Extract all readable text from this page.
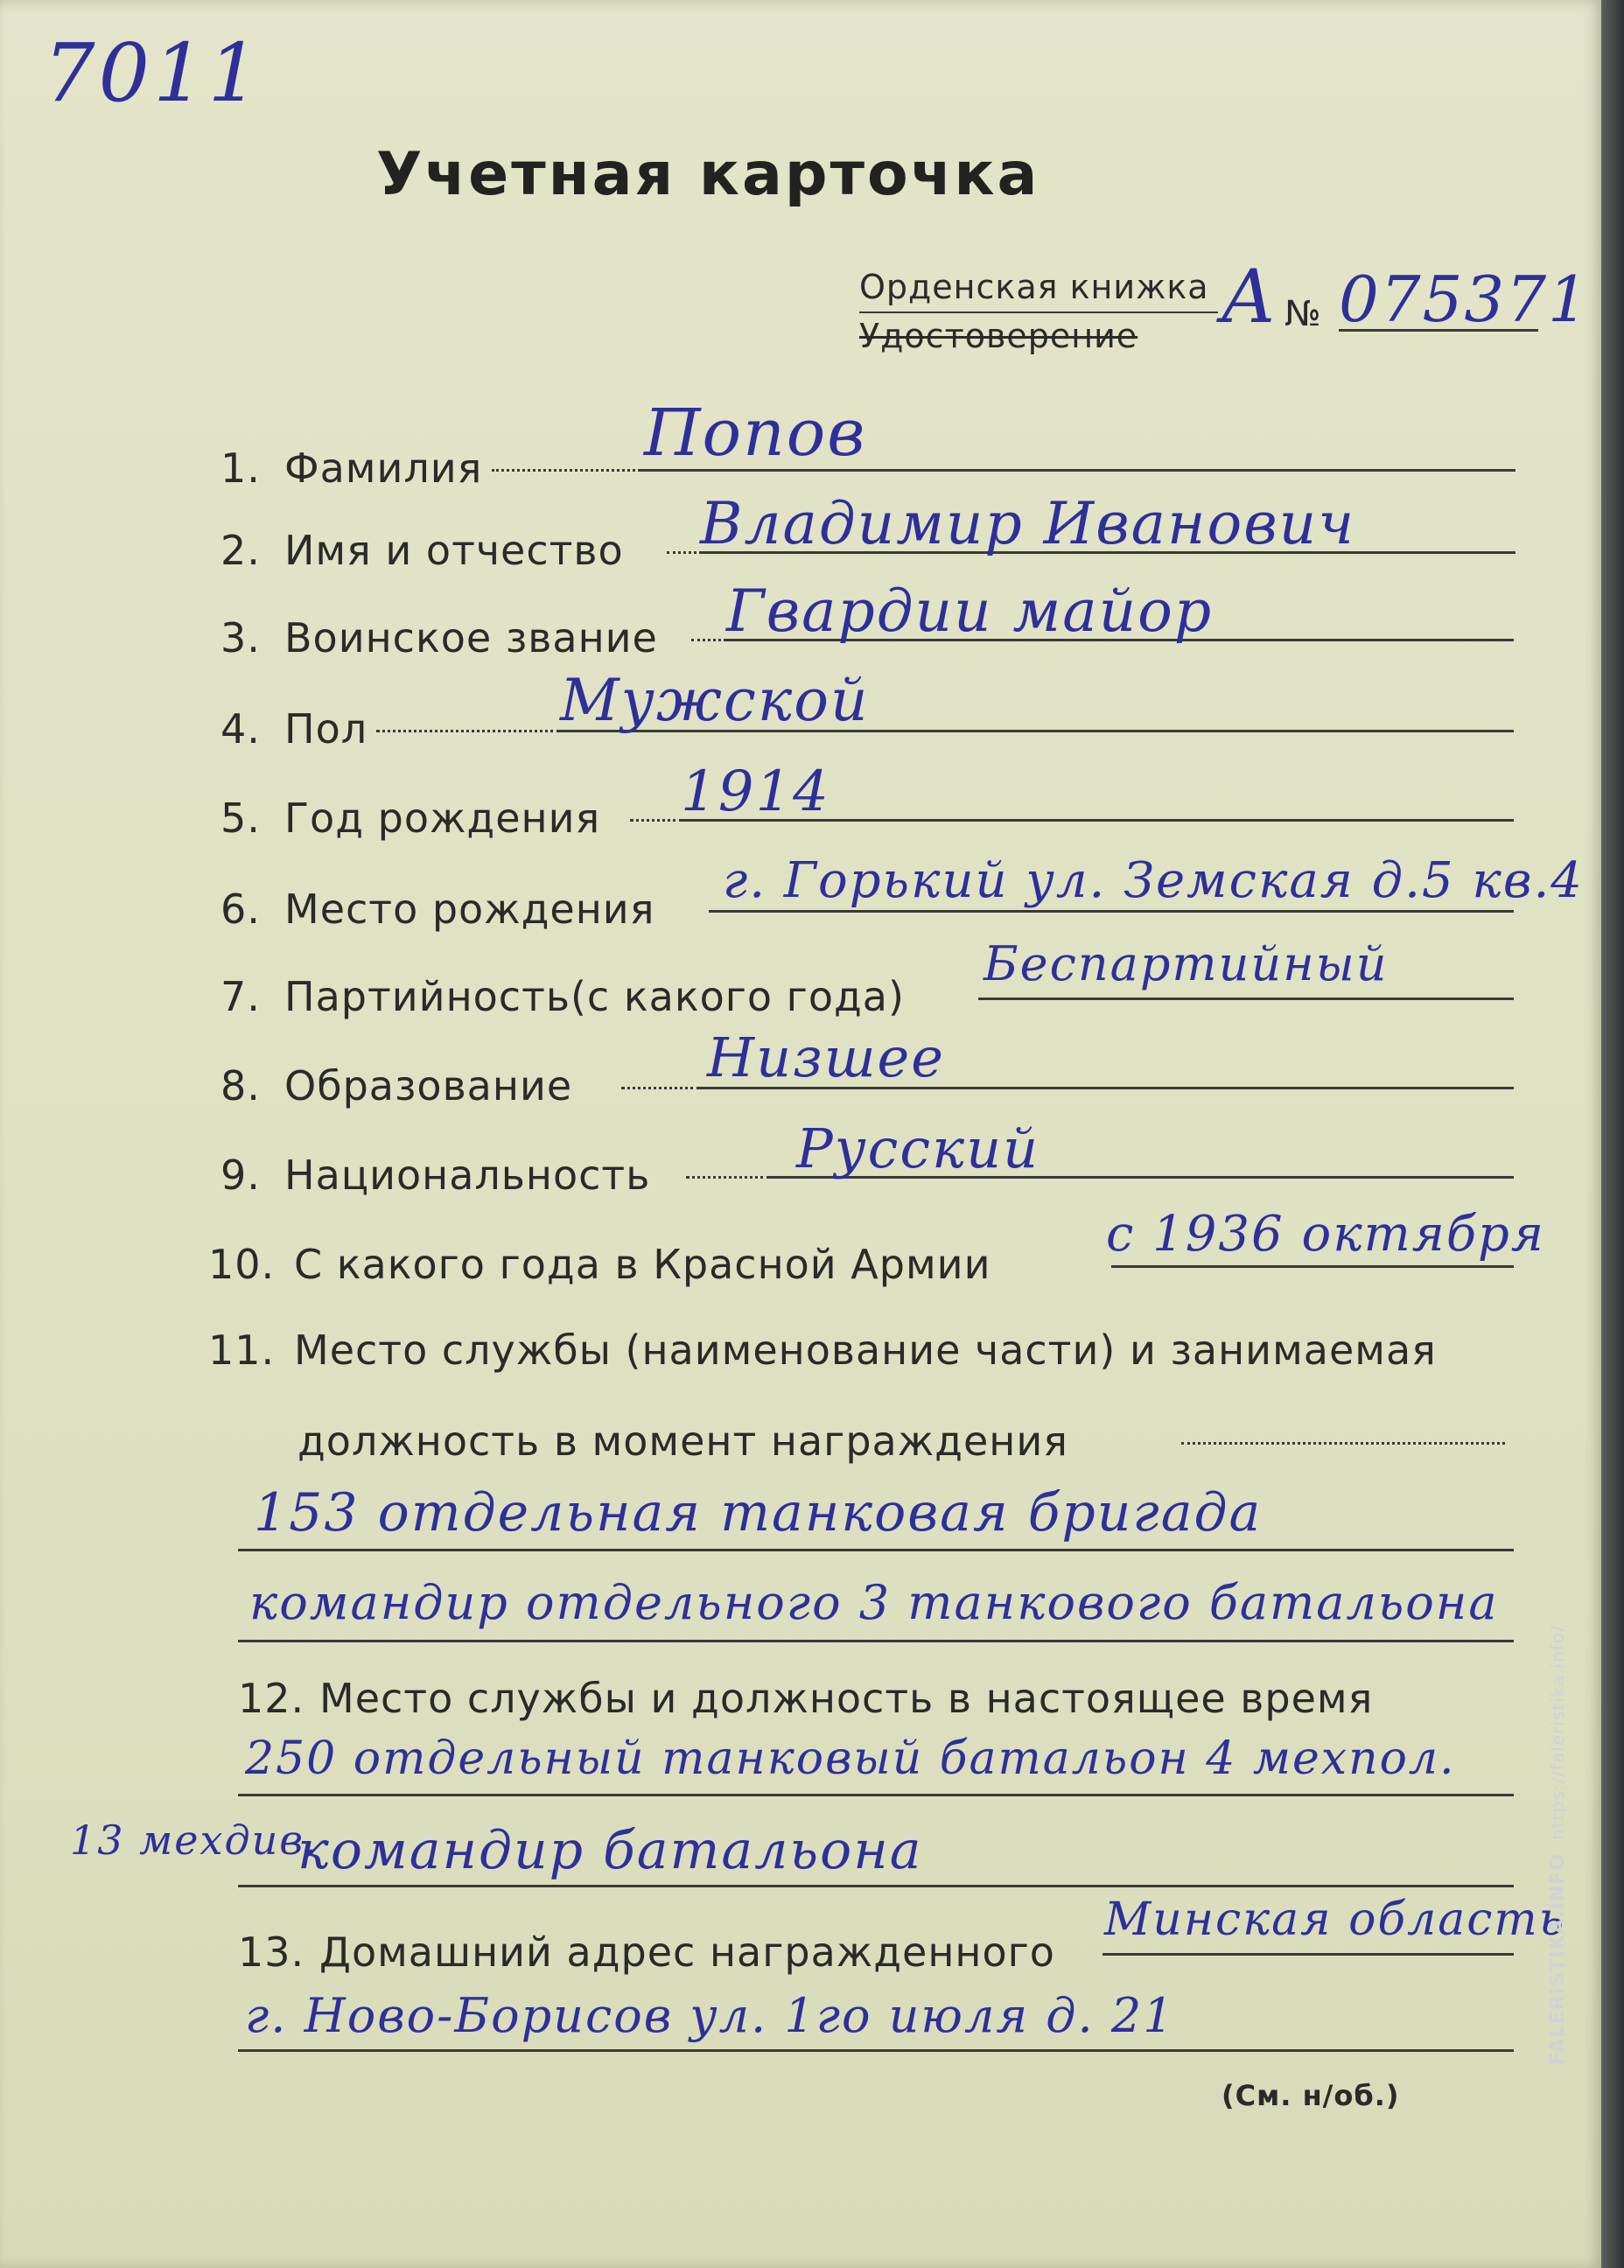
7011
Учетная карточка
Орденская книжка
Удостоверение А № 075371
1. Фамилия Попов
2. Имя и отчество Владимир Иванович
3. Воинское звание Гвардии майор
4. Пол	Мужской
5. Год рождения 1914
6. Место рождения г. Горький ул. Земская д.5 кв.4
7. Партийность(с какого года)
Беспартийный
8. Образование Низшее
9. Национальность	Русский
10. С какого года в Красной Армии
с 1936 октября
11. Место службы (наименование части) и занимаемая
должность в момент награждения
153 отдельная танковая бригада
командир отдельного 3 танкового батальона
12. Место службы и должность в настоящее время
250 отдельный танковый батальон 4 мехпол.
13 мехдив.
командир батальона
13. Домашний адрес награжденного
Минская область
г. Ново-Борисов ул. 1го июля д. 21
(См. н/об.)
FALERISTIKA.INFO https://faleristika.info/
